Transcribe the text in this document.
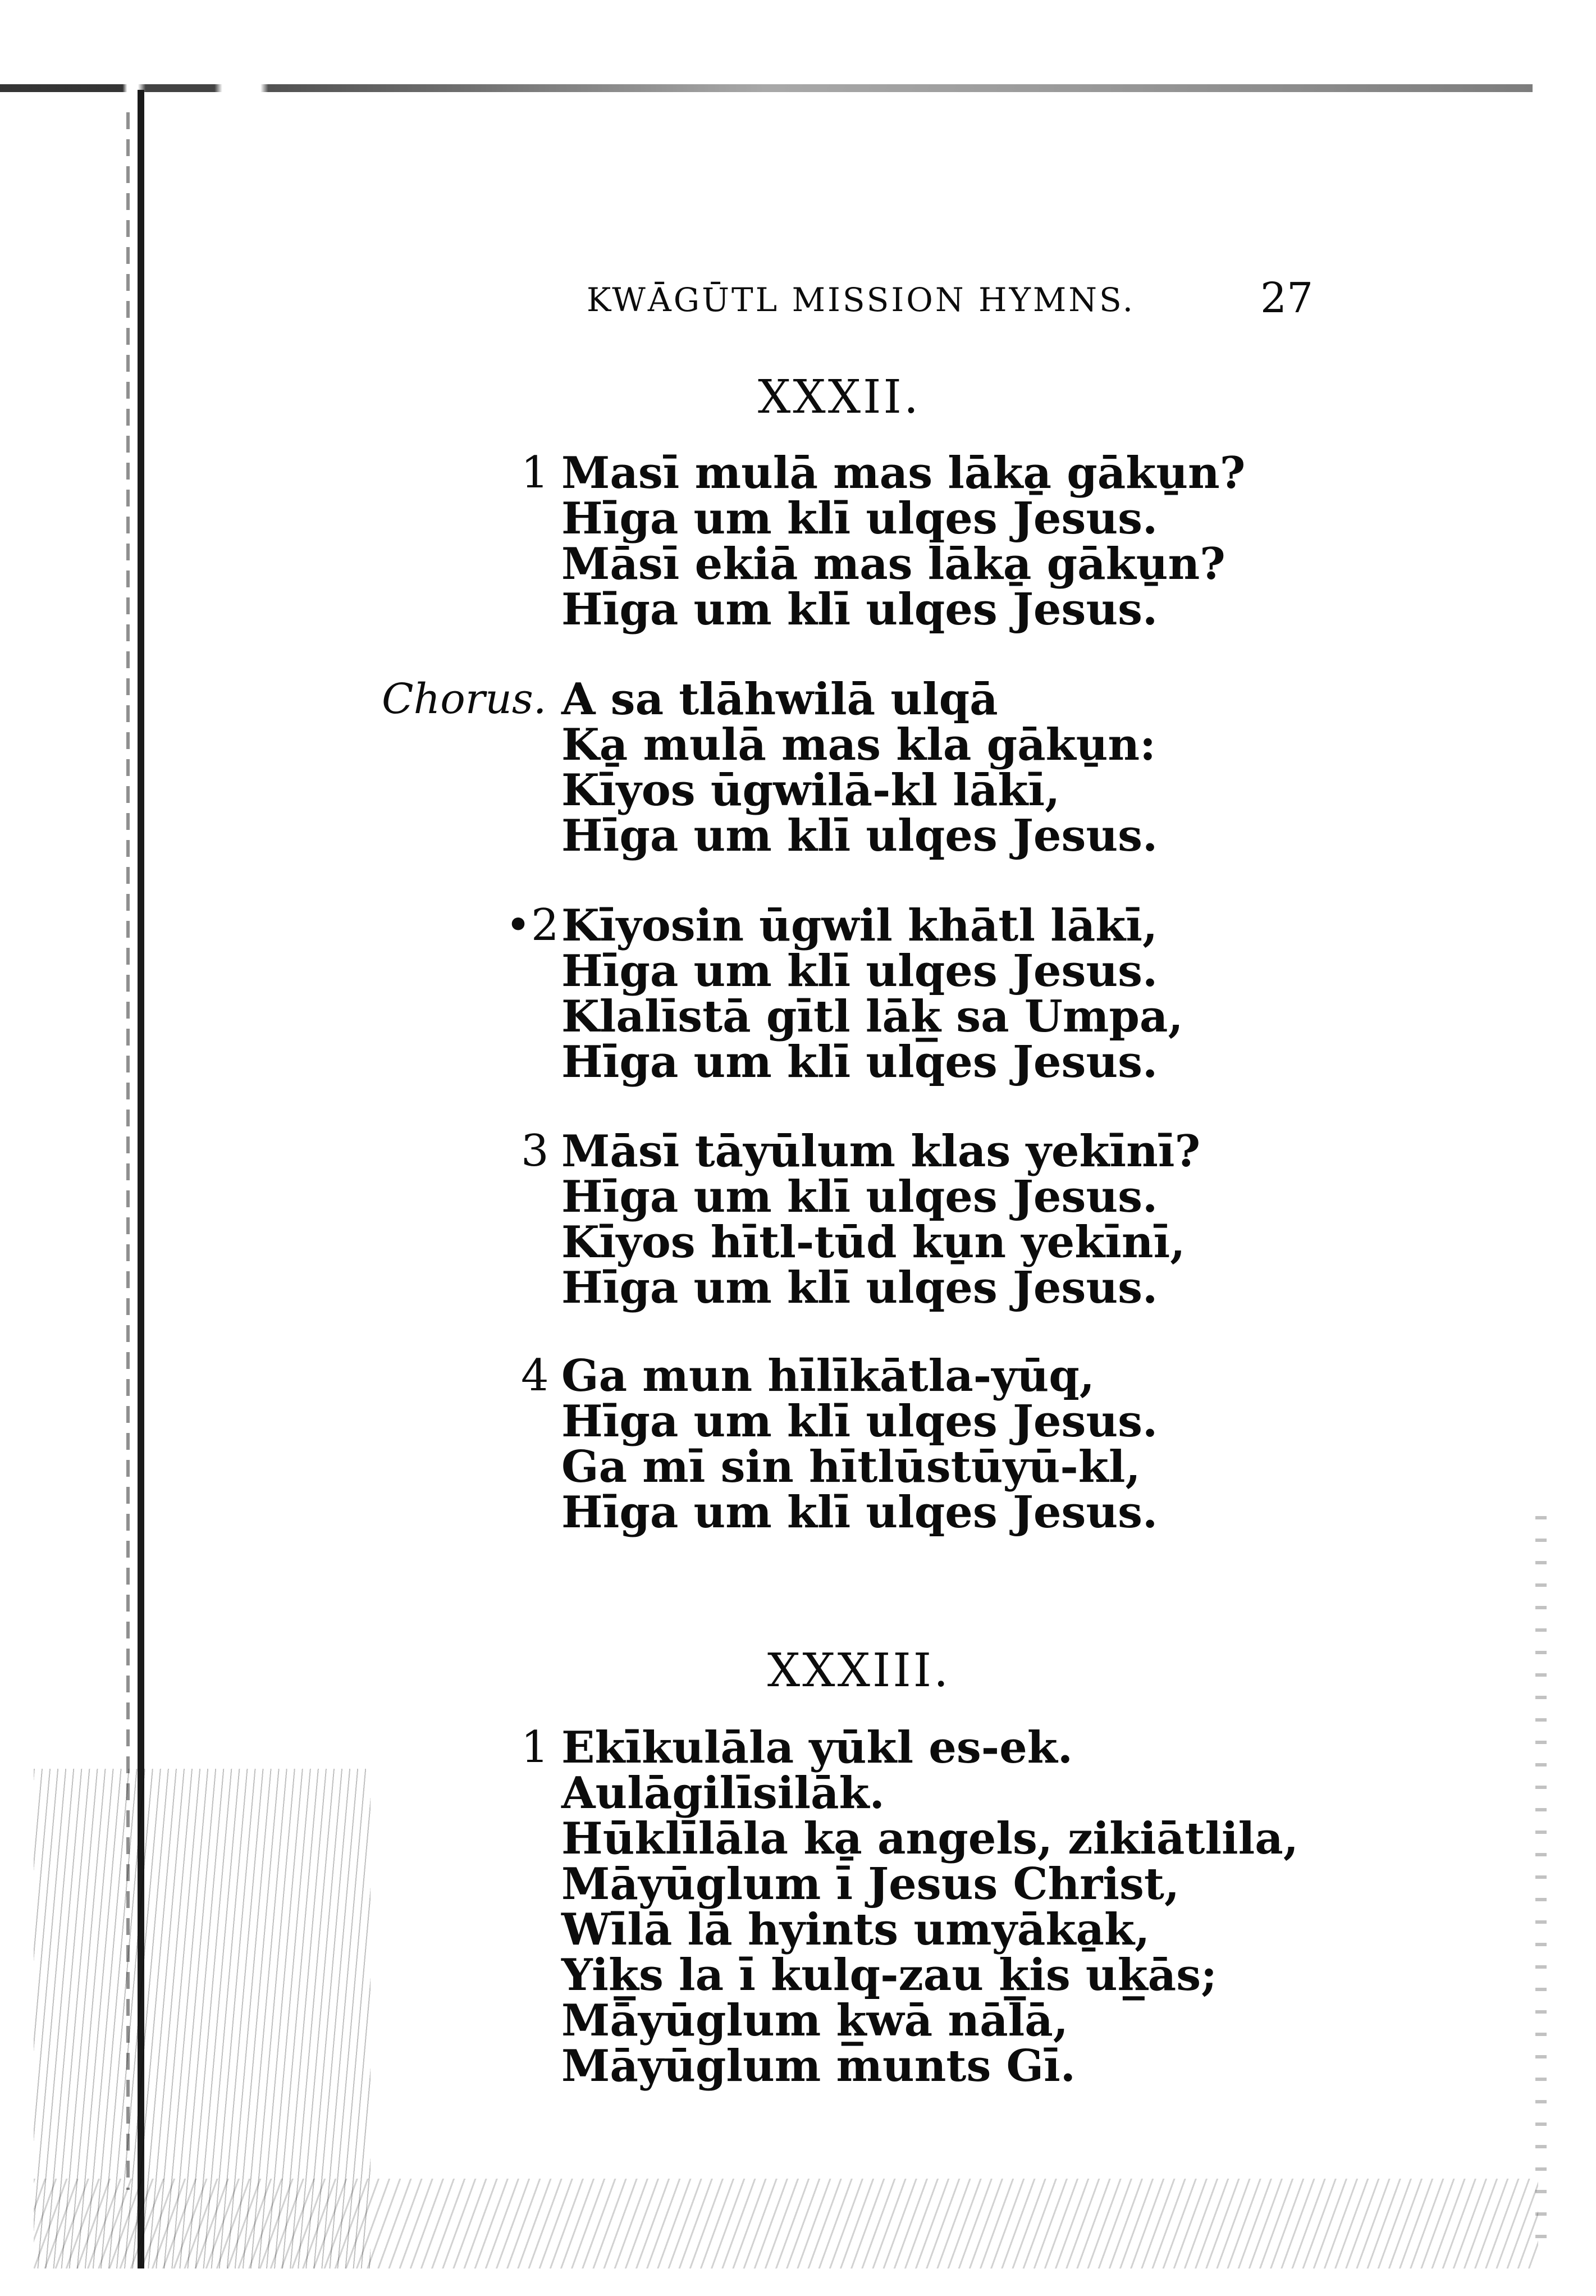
KWĀGŪTL MISSION HYMNS.	27
XXXII.
1 Masī mulā mas lāka̱ gāku̱n?
Hīga um klī ulqes Jesus.
Māsī ekiā mas lāka̱ gāku̱n?
Hīga um klī ulqes Jesus.
Chorus. A sa tlāhwilā ulqā
Ka̱ mulā mas kla gāku̱n:
Kīyos ūgwilā-kl lākī,
Hīga um klī ulqes Jesus.
•2 Kīyosin ūgwil khātl lākī,
Hīga um klī ulqes Jesus.
Klalīstā gītl lāk̲ sa Umpa,
Hīga um klī ulqes Jesus.
3 Māsī tāyūlum klas yekīnī?
Hīga um klī ulqes Jesus.
Kīyos hītl-tūd ku̱n yekīnī,
Hīga um klī ulqes Jesus.
4 Ga mun hīlīkātla-yūq,
Hīga um klī ulqes Jesus.
Ga mī sin hītlūstūyū-kl,
Hīga um klī ulqes Jesus.
XXXIII.
1 Ekīkulāla yūkl es-ek.
Aulāgilīsilāk.
Hūklīlāla ka̱ angels, zikiātlila,
Māyūglum ī Jesus Christ,
Wīlā lā hyints umyāka̱k,
Yik̲s la ī kulq-zau k̲is uk̲ās;
Māyūglum k̲wā nālā,
Māyūglum munts Gī.
